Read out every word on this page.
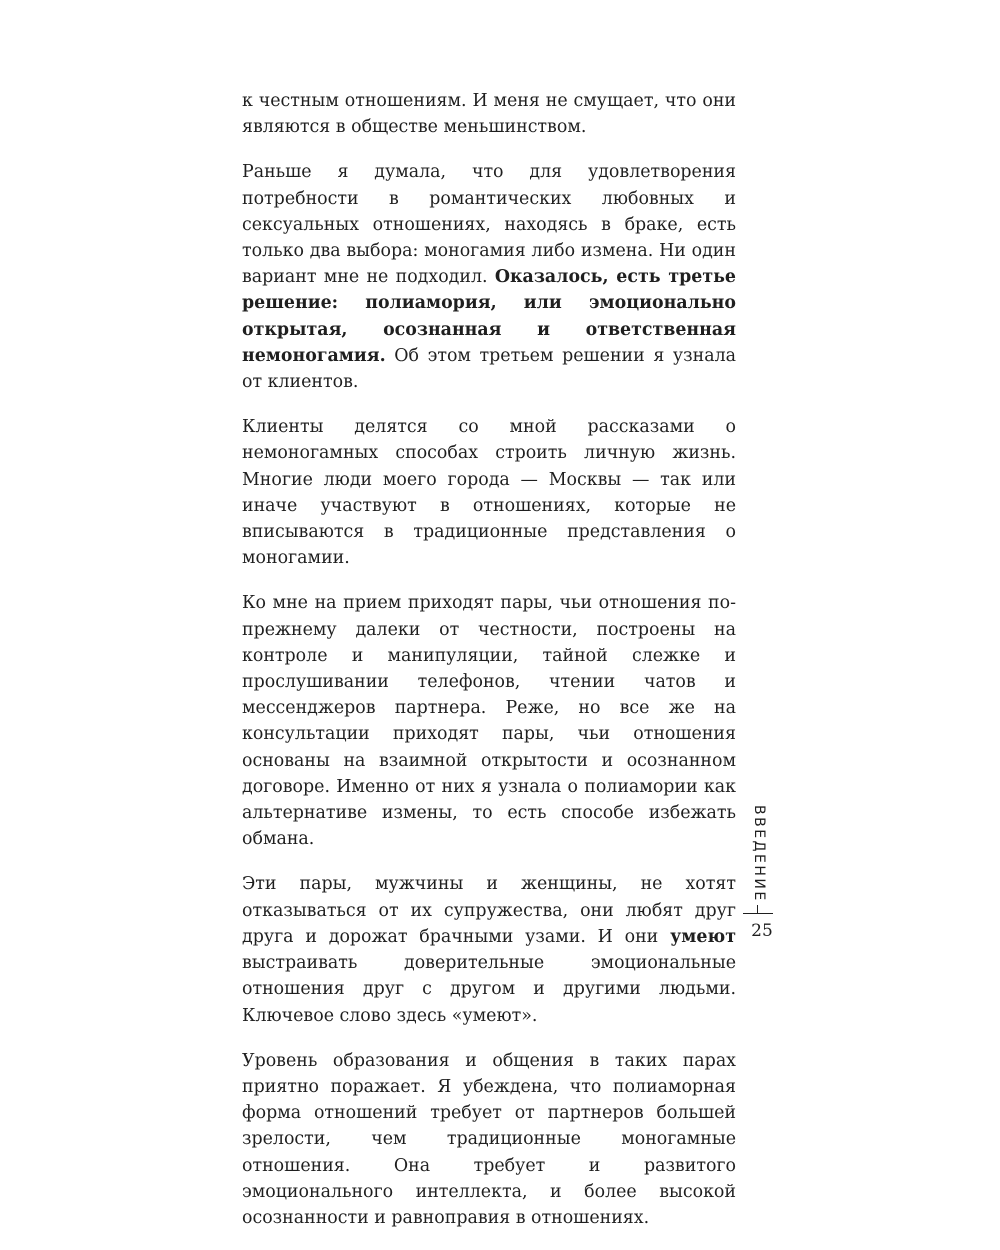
к честным отношениям. И меня не смущает, что они являются в обществе меньшинством.

Раньше я думала, что для удовлетворения потребности в романтических любовных и сексуальных отношениях, находясь в браке, есть только два выбора: моногамия либо измена. Ни один вариант мне не подходил. Оказалось, есть третье решение: полиамория, или эмоционально открытая, осознанная и ответственная немоногамия. Об этом третьем решении я узнала от клиентов.

Клиенты делятся со мной рассказами о немоногамных способах строить личную жизнь. Многие люди моего города — Москвы — так или иначе участвуют в отношениях, которые не вписываются в традиционные представления о моногамии.

Ко мне на прием приходят пары, чьи отношения по-прежнему далеки от честности, построены на контроле и манипуляции, тайной слежке и прослушивании телефонов, чтении чатов и мессенджеров партнера. Реже, но все же на консультации приходят пары, чьи отношения основаны на взаимной открытости и осознанном договоре. Именно от них я узнала о полиамории как альтернативе измены, то есть способе избежать обмана.

Эти пары, мужчины и женщины, не хотят отказываться от их супружества, они любят друг друга и дорожат брачными узами. И они умеют выстраивать доверительные эмоциональные отношения друг с другом и другими людьми. Ключевое слово здесь «умеют».

Уровень образования и общения в таких парах приятно поражает. Я убеждена, что полиаморная форма отношений требует от партнеров большей зрелости, чем традиционные моногамные отношения. Она требует и развитого эмоционального интеллекта, и более высокой осознанности и равноправия в отношениях.

ВВЕДЕНИЕ
25
